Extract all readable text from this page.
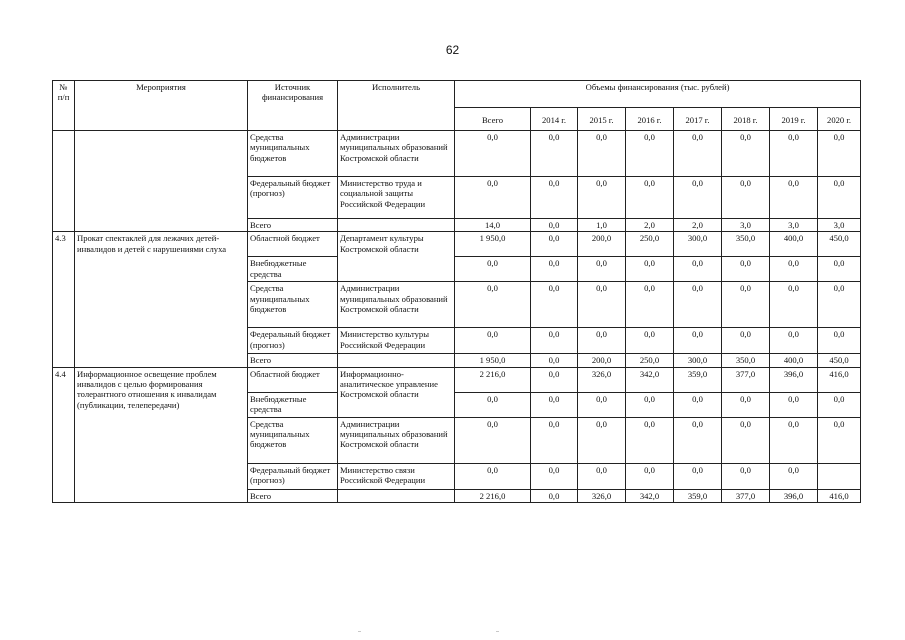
62
№ п/п	Мероприятия	Источник финансирования	Исполнитель	Объемы финансирования (тыс. рублей)							
				Всего	2014 г.	2015 г.	2016 г.	2017 г.	2018 г.	2019 г.	2020 г.
		Средства муниципальных бюджетов	Администрации муниципальных образований Костромской области	0,0	0,0	0,0	0,0	0,0	0,0	0,0	0,0
		Федеральный бюджет (прогноз)	Министерство труда и социальной защиты Российской Федерации	0,0	0,0	0,0	0,0	0,0	0,0	0,0	0,0
		Всего		14,0	0,0	1,0	2,0	2,0	3,0	3,0	3,0
4.3	Прокат спектаклей для лежачих детей-инвалидов и детей с нарушениями слуха	Областной бюджет	Департамент культуры Костромской области	1 950,0	0,0	200,0	250,0	300,0	350,0	400,0	450,0
		Внебюджетные средства		0,0	0,0	0,0	0,0	0,0	0,0	0,0	0,0
		Средства муниципальных бюджетов	Администрации муниципальных образований Костромской области	0,0	0,0	0,0	0,0	0,0	0,0	0,0	0,0
		Федеральный бюджет (прогноз)	Министерство культуры Российской Федерации	0,0	0,0	0,0	0,0	0,0	0,0	0,0	0,0
		Всего		1 950,0	0,0	200,0	250,0	300,0	350,0	400,0	450,0
4.4	Информационное освещение проблем инвалидов с целью формирования толерантного отношения к инвалидам (публикации, телепередачи)	Областной бюджет	Информационно-аналитическое управление Костромской области	2 216,0	0,0	326,0	342,0	359,0	377,0	396,0	416,0
		Внебюджетные средства		0,0	0,0	0,0	0,0	0,0	0,0	0,0	0,0
		Средства муниципальных бюджетов	Администрации муниципальных образований Костромской области	0,0	0,0	0,0	0,0	0,0	0,0	0,0	0,0
		Федеральный бюджет (прогноз)	Министерство связи Российской Федерации	0,0	0,0	0,0	0,0	0,0	0,0	0,0	
		Всего		2 216,0	0,0	326,0	342,0	359,0	377,0	396,0	416,0
